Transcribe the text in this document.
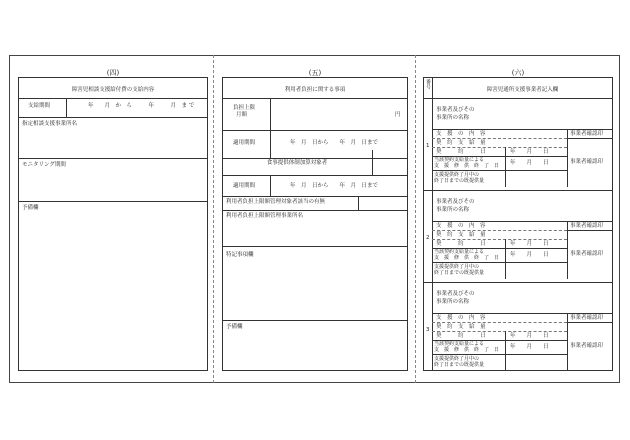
(四)
障害児相談支援給付費の支給内容
支給期間	年　　月　か　ら　　　年　　　月　ま で
指定相談支援事業所名
モニタリング期間
予備欄
(五)
利用者負担に関する事項
負担上限
月額	円
適用期間	年　月　日から　　年　月　日まで
食事提供体制加算対象者
適用期間	年　月　日から　　年　月　日まで
利用者負担上限額管理対象者該当の有無
利用者負担上限額管理事業所名
特記事項欄
予備欄
(六)
番号
障害児通所支援事業者記入欄
1
事業者及びその
事業所の名称
支　援　の　内　容
契　約　支　給　量
契　　　約　　　日	年　　月　　日
当該契約支給量による
支　援　修　供　終　了　日 年　　月　　日
支援提供終了月中の
終了日までの既提供量
事業者確認印
事業者確認印
2
事業者及びその
事業所の名称
支　援　の　内　容
契　約　支　給　量
契　　　約　　　日	年　　月　　日
当該契約支給量による
支　援　修　供　終　了　日 年　　月　　日
支援提供終了月中の
終了日までの既提供量
事業者確認印
事業者確認印
3
事業者及びその
事業所の名称
支　援　の　内　容
契　約　支　給　量
契　　　約　　　日	年　　月　　日
当該契約支給量による
支　援　修　供　終　了　日 年　　月　　日
支援提供終了月中の
終了日までの既提供量
事業者確認印
事業者確認印
